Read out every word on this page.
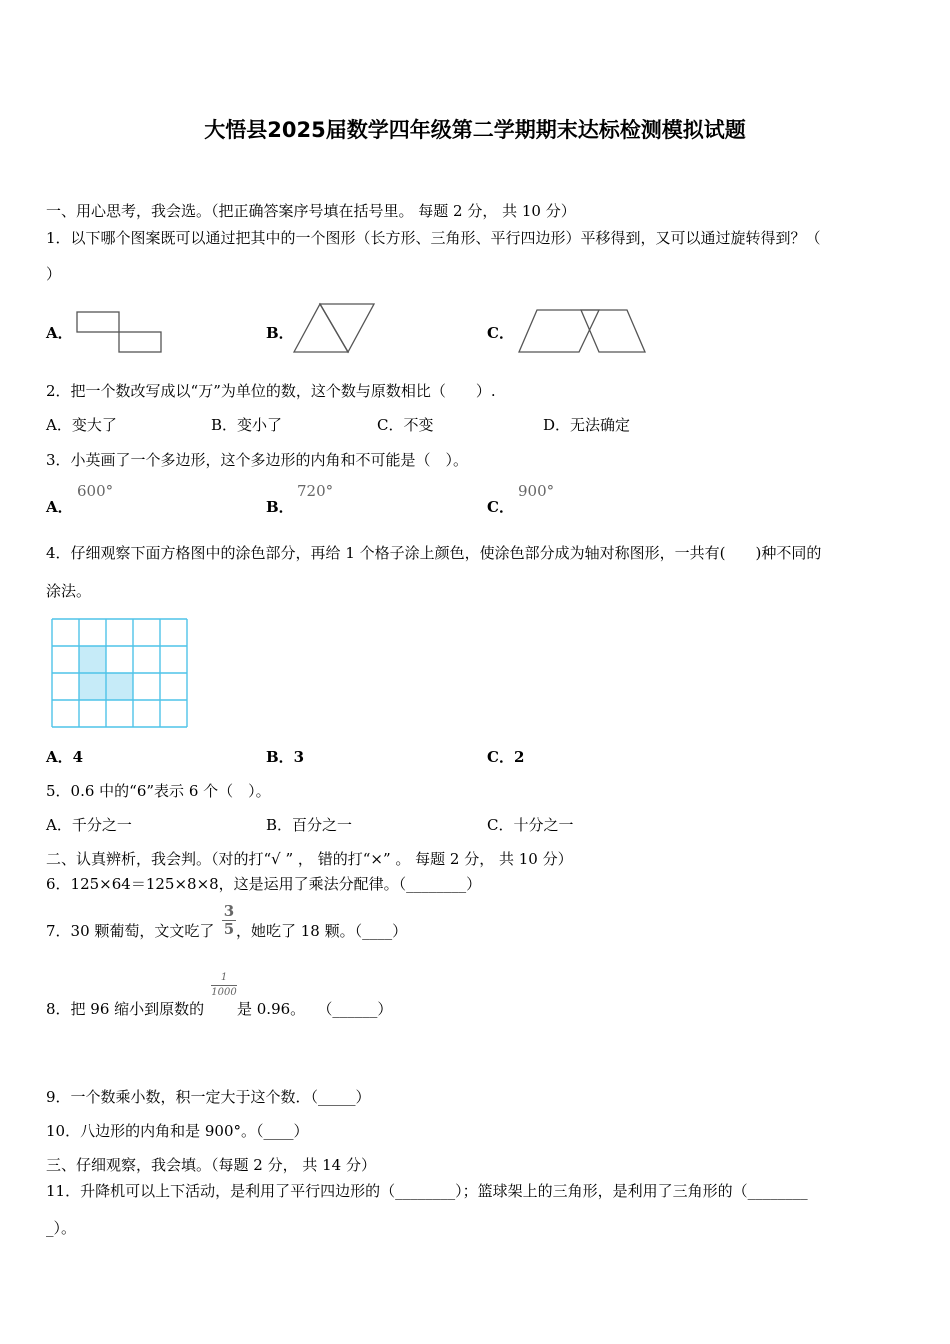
大悟县2025届数学四年级第二学期期末达标检测模拟试题
一、用心思考，我会选。（把正确答案序号填在括号里。 每题 2 分， 共 10 分）
1．以下哪个图案既可以通过把其中的一个图形（长方形、三角形、平行四边形）平移得到，又可以通过旋转得到？（
）
A．	B．	C．
2．把一个数改写成以“万”为单位的数，这个数与原数相比（　　）.
A．变大了	B．变小了	C．不变	D．无法确定
3．小英画了一个多边形，这个多边形的内角和不可能是（　）。
A．
600°
B．
720°
C．
900°
4．仔细观察下面方格图中的涂色部分，再给 1 个格子涂上颜色，使涂色部分成为轴对称图形，一共有(　　)种不同的
涂法。
A．4	B．3	C．2
5．0.6 中的“6”表示 6 个（　）。
A．千分之一	B．百分之一	C．十分之一
二、认真辨析，我会判。（对的打“√ ” ， 错的打“×” 。 每题 2 分， 共 10 分）
6．125×64＝125×8×8，这是运用了乘法分配律。（________）
7．30 颗葡萄，文文吃了
3
5 ，她吃了 18 颗。（____）
8．把 96 缩小到原数的
1
1000
是 0.96。　 （______）
9．一个数乘小数，积一定大于这个数．（_____）
10．八边形的内角和是 900°。（____）
三、仔细观察，我会填。（每题 2 分， 共 14 分）
11．升降机可以上下活动，是利用了平行四边形的（________）；篮球架上的三角形，是利用了三角形的（________
_）。
